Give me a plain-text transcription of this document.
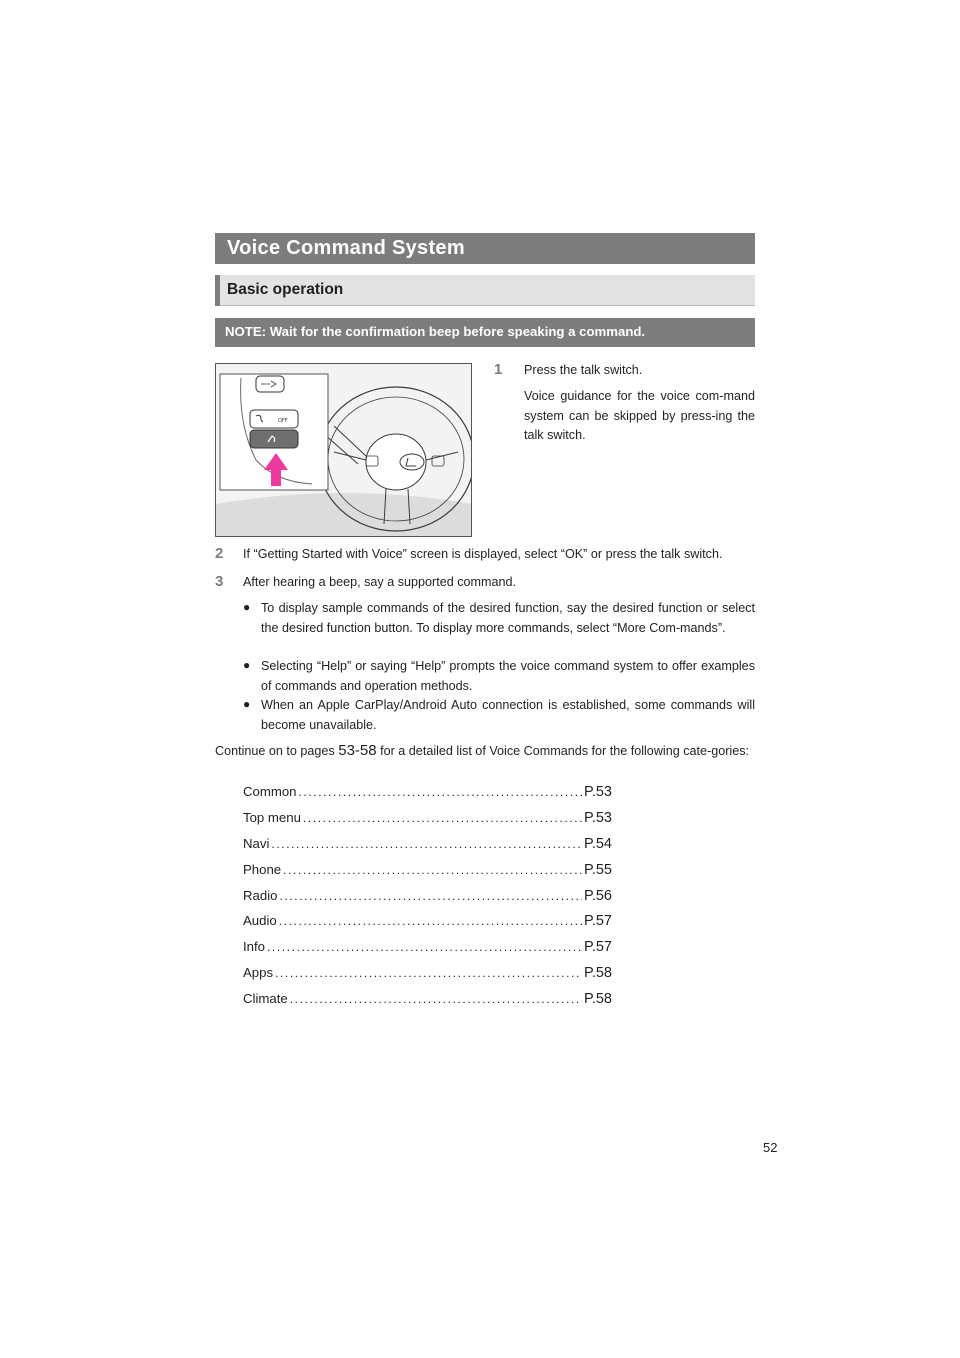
Voice Command System
Basic operation
NOTE: Wait for the confirmation beep before speaking a command.
OFF
1 Press the talk switch.
Voice guidance for the voice com-mand system can be skipped by press-ing the talk switch.
2 If “Getting Started with Voice” screen is displayed, select “OK” or press the talk switch.
3 After hearing a beep, say a supported command.
● To display sample commands of the desired function, say the desired function or select the desired function button. To display more commands, select “More Com-mands”.
● Selecting “Help” or saying “Help” prompts the voice command system to offer examples of commands and operation methods.
● When an Apple CarPlay/Android Auto connection is established, some commands will become unavailable.
Continue on to pages 53-58 for a detailed list of Voice Commands for the following cate-gories:
Common .....	P.53
Top menu .....	P.53
Navi .....	P.54
Phone .....	P.55
Radio .....	P.56
Audio .....	P.57
Info .....	P.57
Apps .....	P.58
Climate .....	P.58
52
